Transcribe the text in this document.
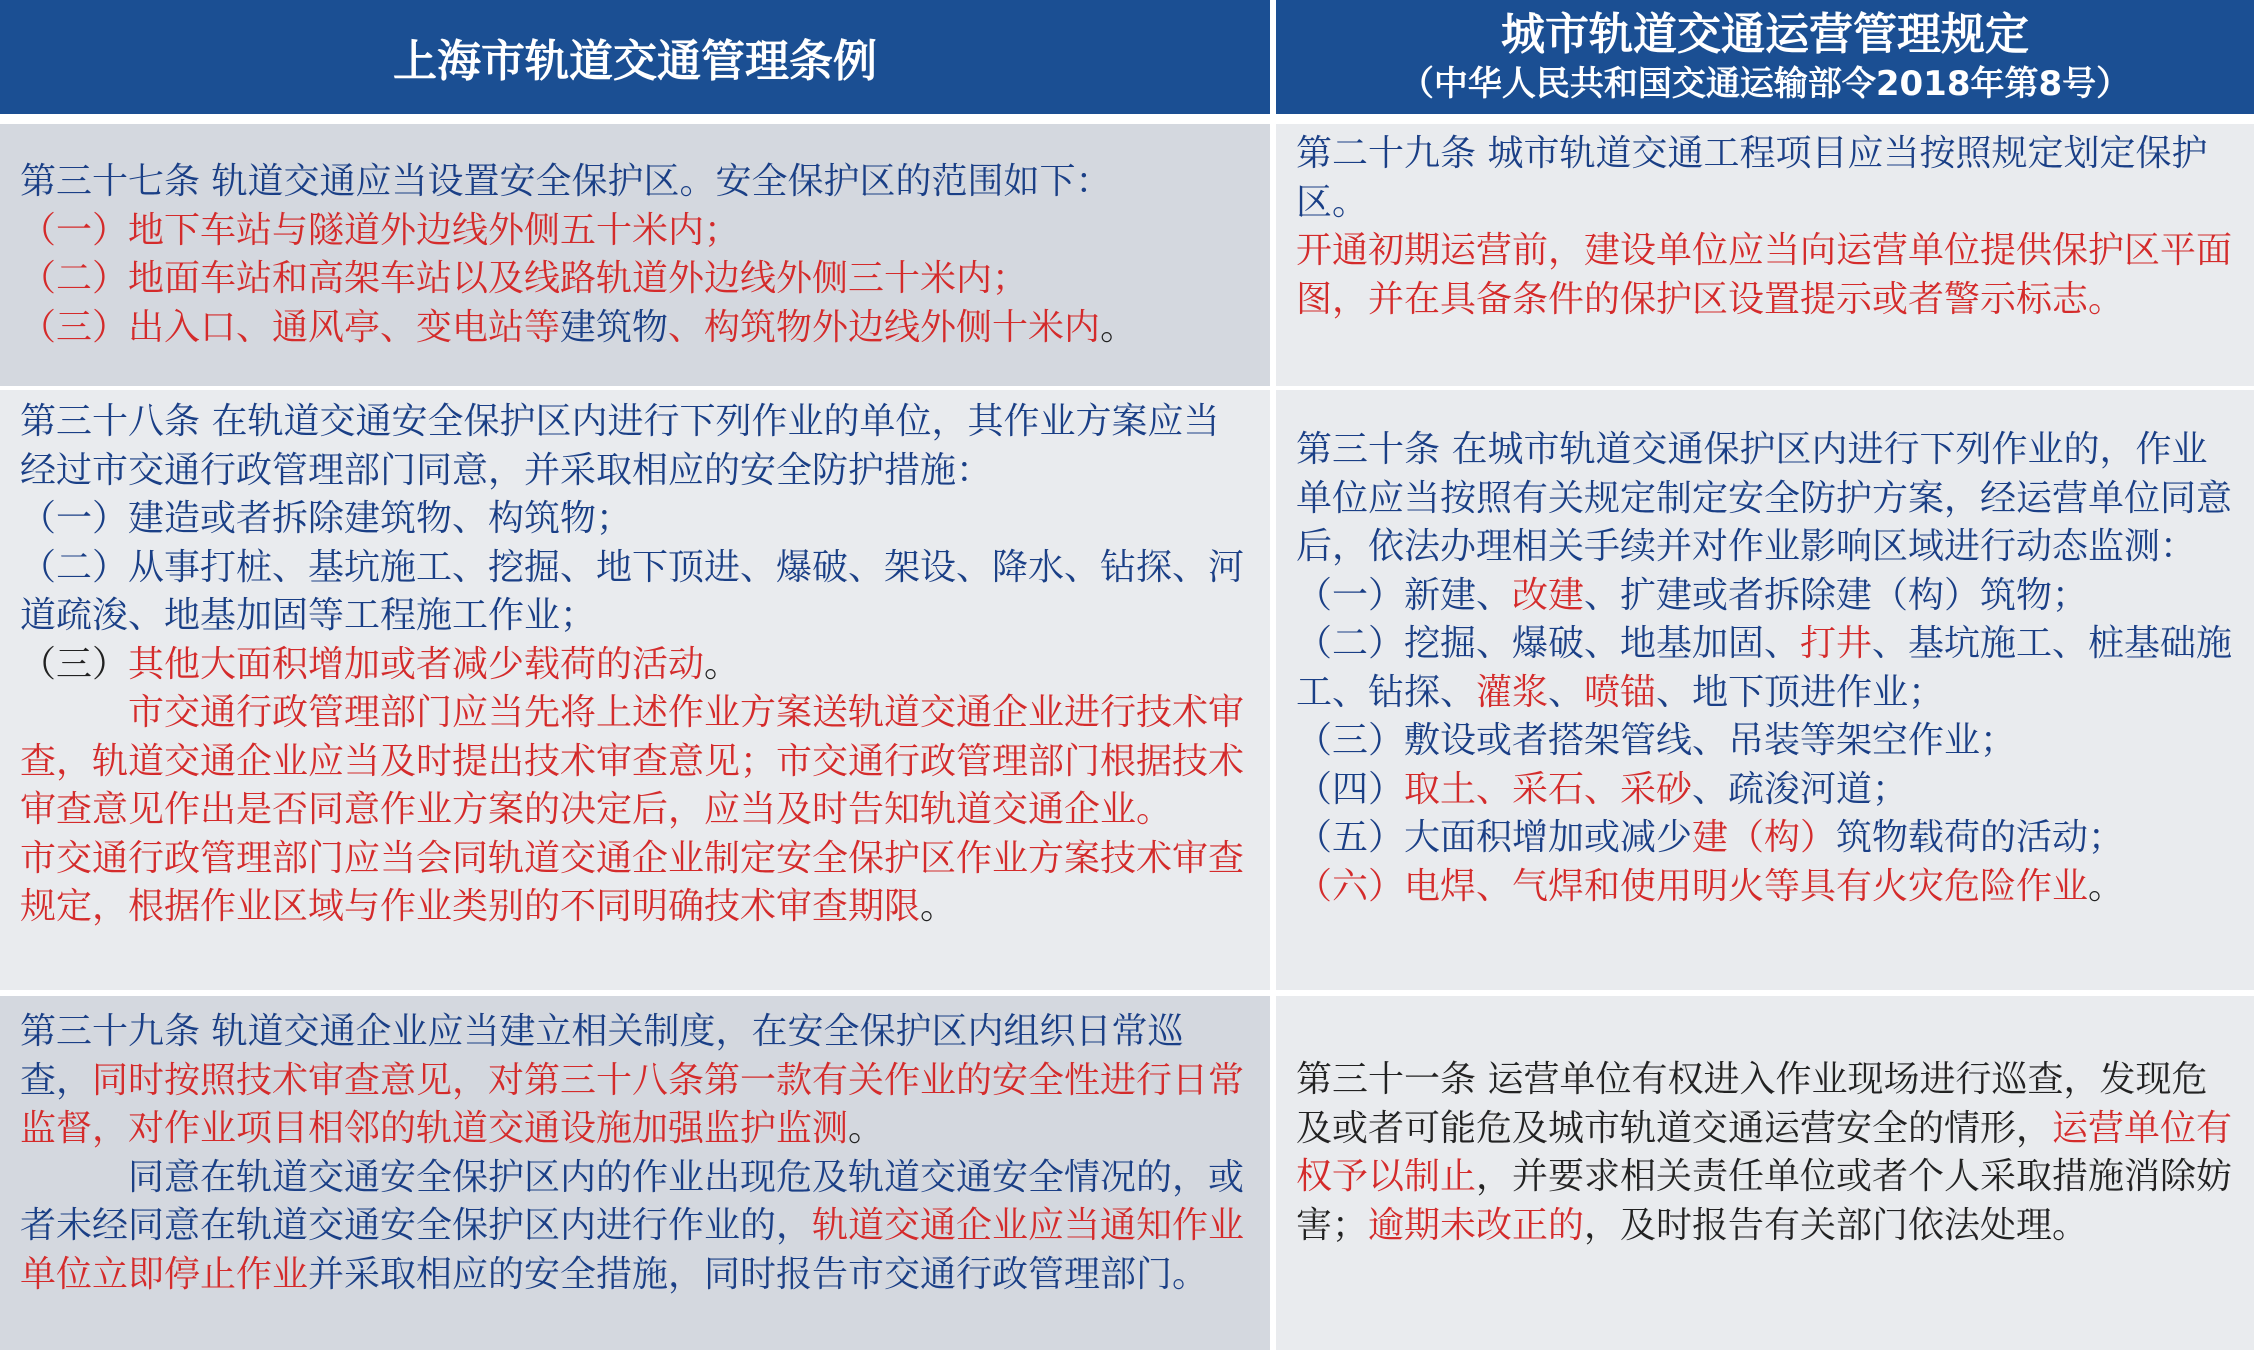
上海市轨道交通管理条例
城市轨道交通运营管理规定
（中华人民共和国交通运输部令2018年第8号）

第三十七条 轨道交通应当设置安全保护区。安全保护区的范围如下：

（一）地下车站与隧道外边线外侧五十米内；

（二）地面车站和高架车站以及线路轨道外边线外侧三十米内；

（三）出入口、通风亭、变电站等建筑物、构筑物外边线外侧十米内。

第二十九条 城市轨道交通工程项目应当按照规定划定保护区。

开通初期运营前，建设单位应当向运营单位提供保护区平面图，并在具备条件的保护区设置提示或者警示标志。

第三十八条 在轨道交通安全保护区内进行下列作业的单位，其作业方案应当经过市交通行政管理部门同意，并采取相应的安全防护措施：

（一）建造或者拆除建筑物、构筑物；

（二）从事打桩、基坑施工、挖掘、地下顶进、爆破、架设、降水、钻探、河道疏浚、地基加固等工程施工作业；

（三）其他大面积增加或者减少载荷的活动。

市交通行政管理部门应当先将上述作业方案送轨道交通企业进行技术审查，轨道交通企业应当及时提出技术审查意见；市交通行政管理部门根据技术审查意见作出是否同意作业方案的决定后，应当及时告知轨道交通企业。

市交通行政管理部门应当会同轨道交通企业制定安全保护区作业方案技术审查规定，根据作业区域与作业类别的不同明确技术审查期限。

第三十条 在城市轨道交通保护区内进行下列作业的，作业单位应当按照有关规定制定安全防护方案，经运营单位同意后，依法办理相关手续并对作业影响区域进行动态监测：

（一）新建、改建、扩建或者拆除建（构）筑物；

（二）挖掘、爆破、地基加固、打井、基坑施工、桩基础施工、钻探、灌浆、喷锚、地下顶进作业；

（三）敷设或者搭架管线、吊装等架空作业；

（四）取土、采石、采砂、疏浚河道；

（五）大面积增加或减少建（构）筑物载荷的活动；

（六）电焊、气焊和使用明火等具有火灾危险作业。

第三十九条 轨道交通企业应当建立相关制度，在安全保护区内组织日常巡查，同时按照技术审查意见，对第三十八条第一款有关作业的安全性进行日常监督，对作业项目相邻的轨道交通设施加强监护监测。

同意在轨道交通安全保护区内的作业出现危及轨道交通安全情况的，或者未经同意在轨道交通安全保护区内进行作业的，轨道交通企业应当通知作业单位立即停止作业并采取相应的安全措施，同时报告市交通行政管理部门。

第三十一条 运营单位有权进入作业现场进行巡查，发现危及或者可能危及城市轨道交通运营安全的情形，运营单位有权予以制止，并要求相关责任单位或者个人采取措施消除妨害；逾期未改正的，及时报告有关部门依法处理。
